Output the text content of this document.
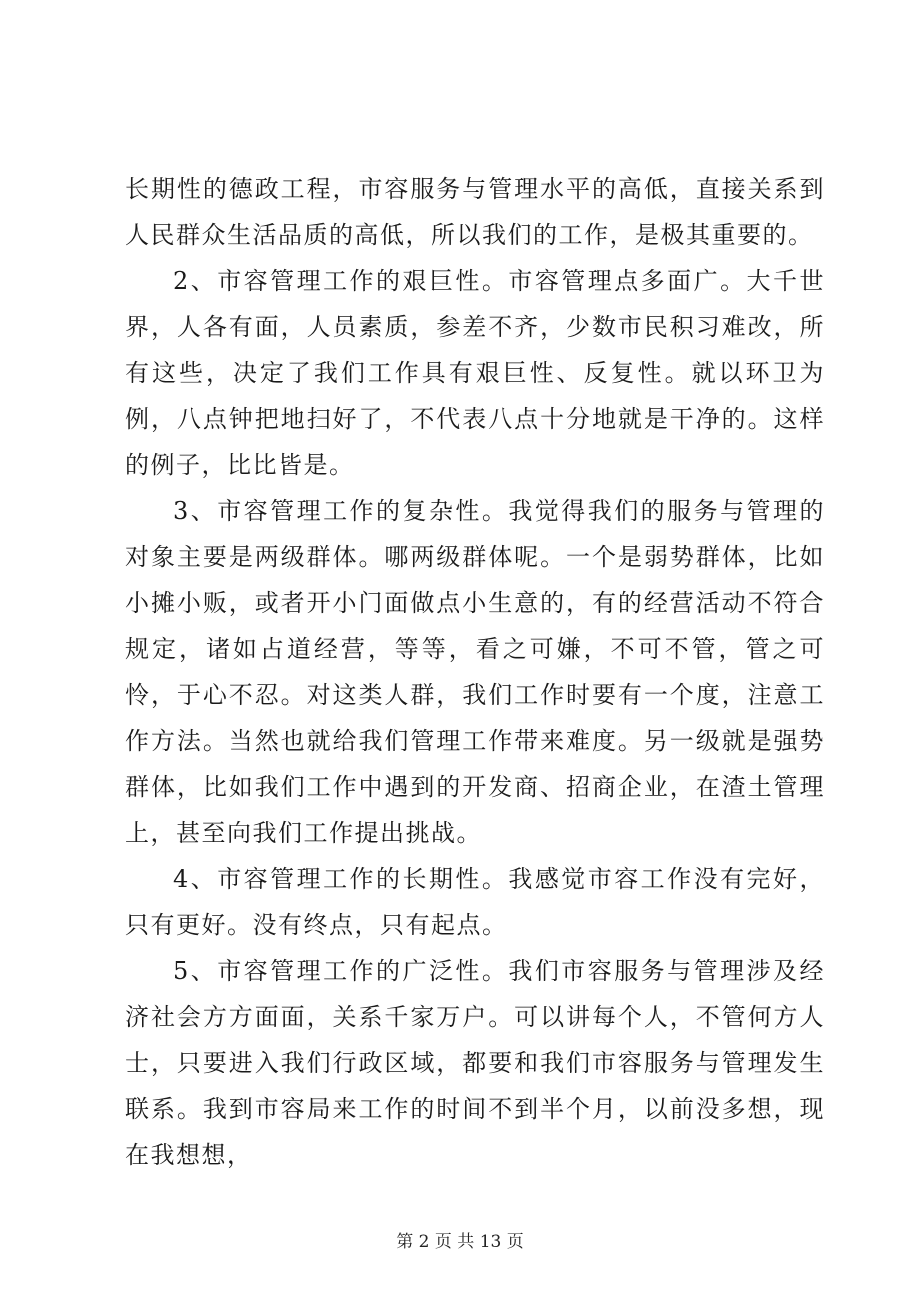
长期性的德政工程，市容服务与管理水平的高低，直接关系到人民群众生活品质的高低，所以我们的工作，是极其重要的。

2、市容管理工作的艰巨性。市容管理点多面广。大千世界，人各有面，人员素质，参差不齐，少数市民积习难改，所有这些，决定了我们工作具有艰巨性、反复性。就以环卫为例，八点钟把地扫好了，不代表八点十分地就是干净的。这样的例子，比比皆是。

3、市容管理工作的复杂性。我觉得我们的服务与管理的对象主要是两级群体。哪两级群体呢。一个是弱势群体，比如小摊小贩，或者开小门面做点小生意的，有的经营活动不符合规定，诸如占道经营，等等，看之可嫌，不可不管，管之可怜，于心不忍。对这类人群，我们工作时要有一个度，注意工作方法。当然也就给我们管理工作带来难度。另一级就是强势群体，比如我们工作中遇到的开发商、招商企业，在渣土管理上，甚至向我们工作提出挑战。

4、市容管理工作的长期性。我感觉市容工作没有完好，只有更好。没有终点，只有起点。

5、市容管理工作的广泛性。我们市容服务与管理涉及经济社会方方面面，关系千家万户。可以讲每个人，不管何方人士，只要进入我们行政区域，都要和我们市容服务与管理发生联系。我到市容局来工作的时间不到半个月，以前没多想，现在我想想，

第 2 页 共 13 页
